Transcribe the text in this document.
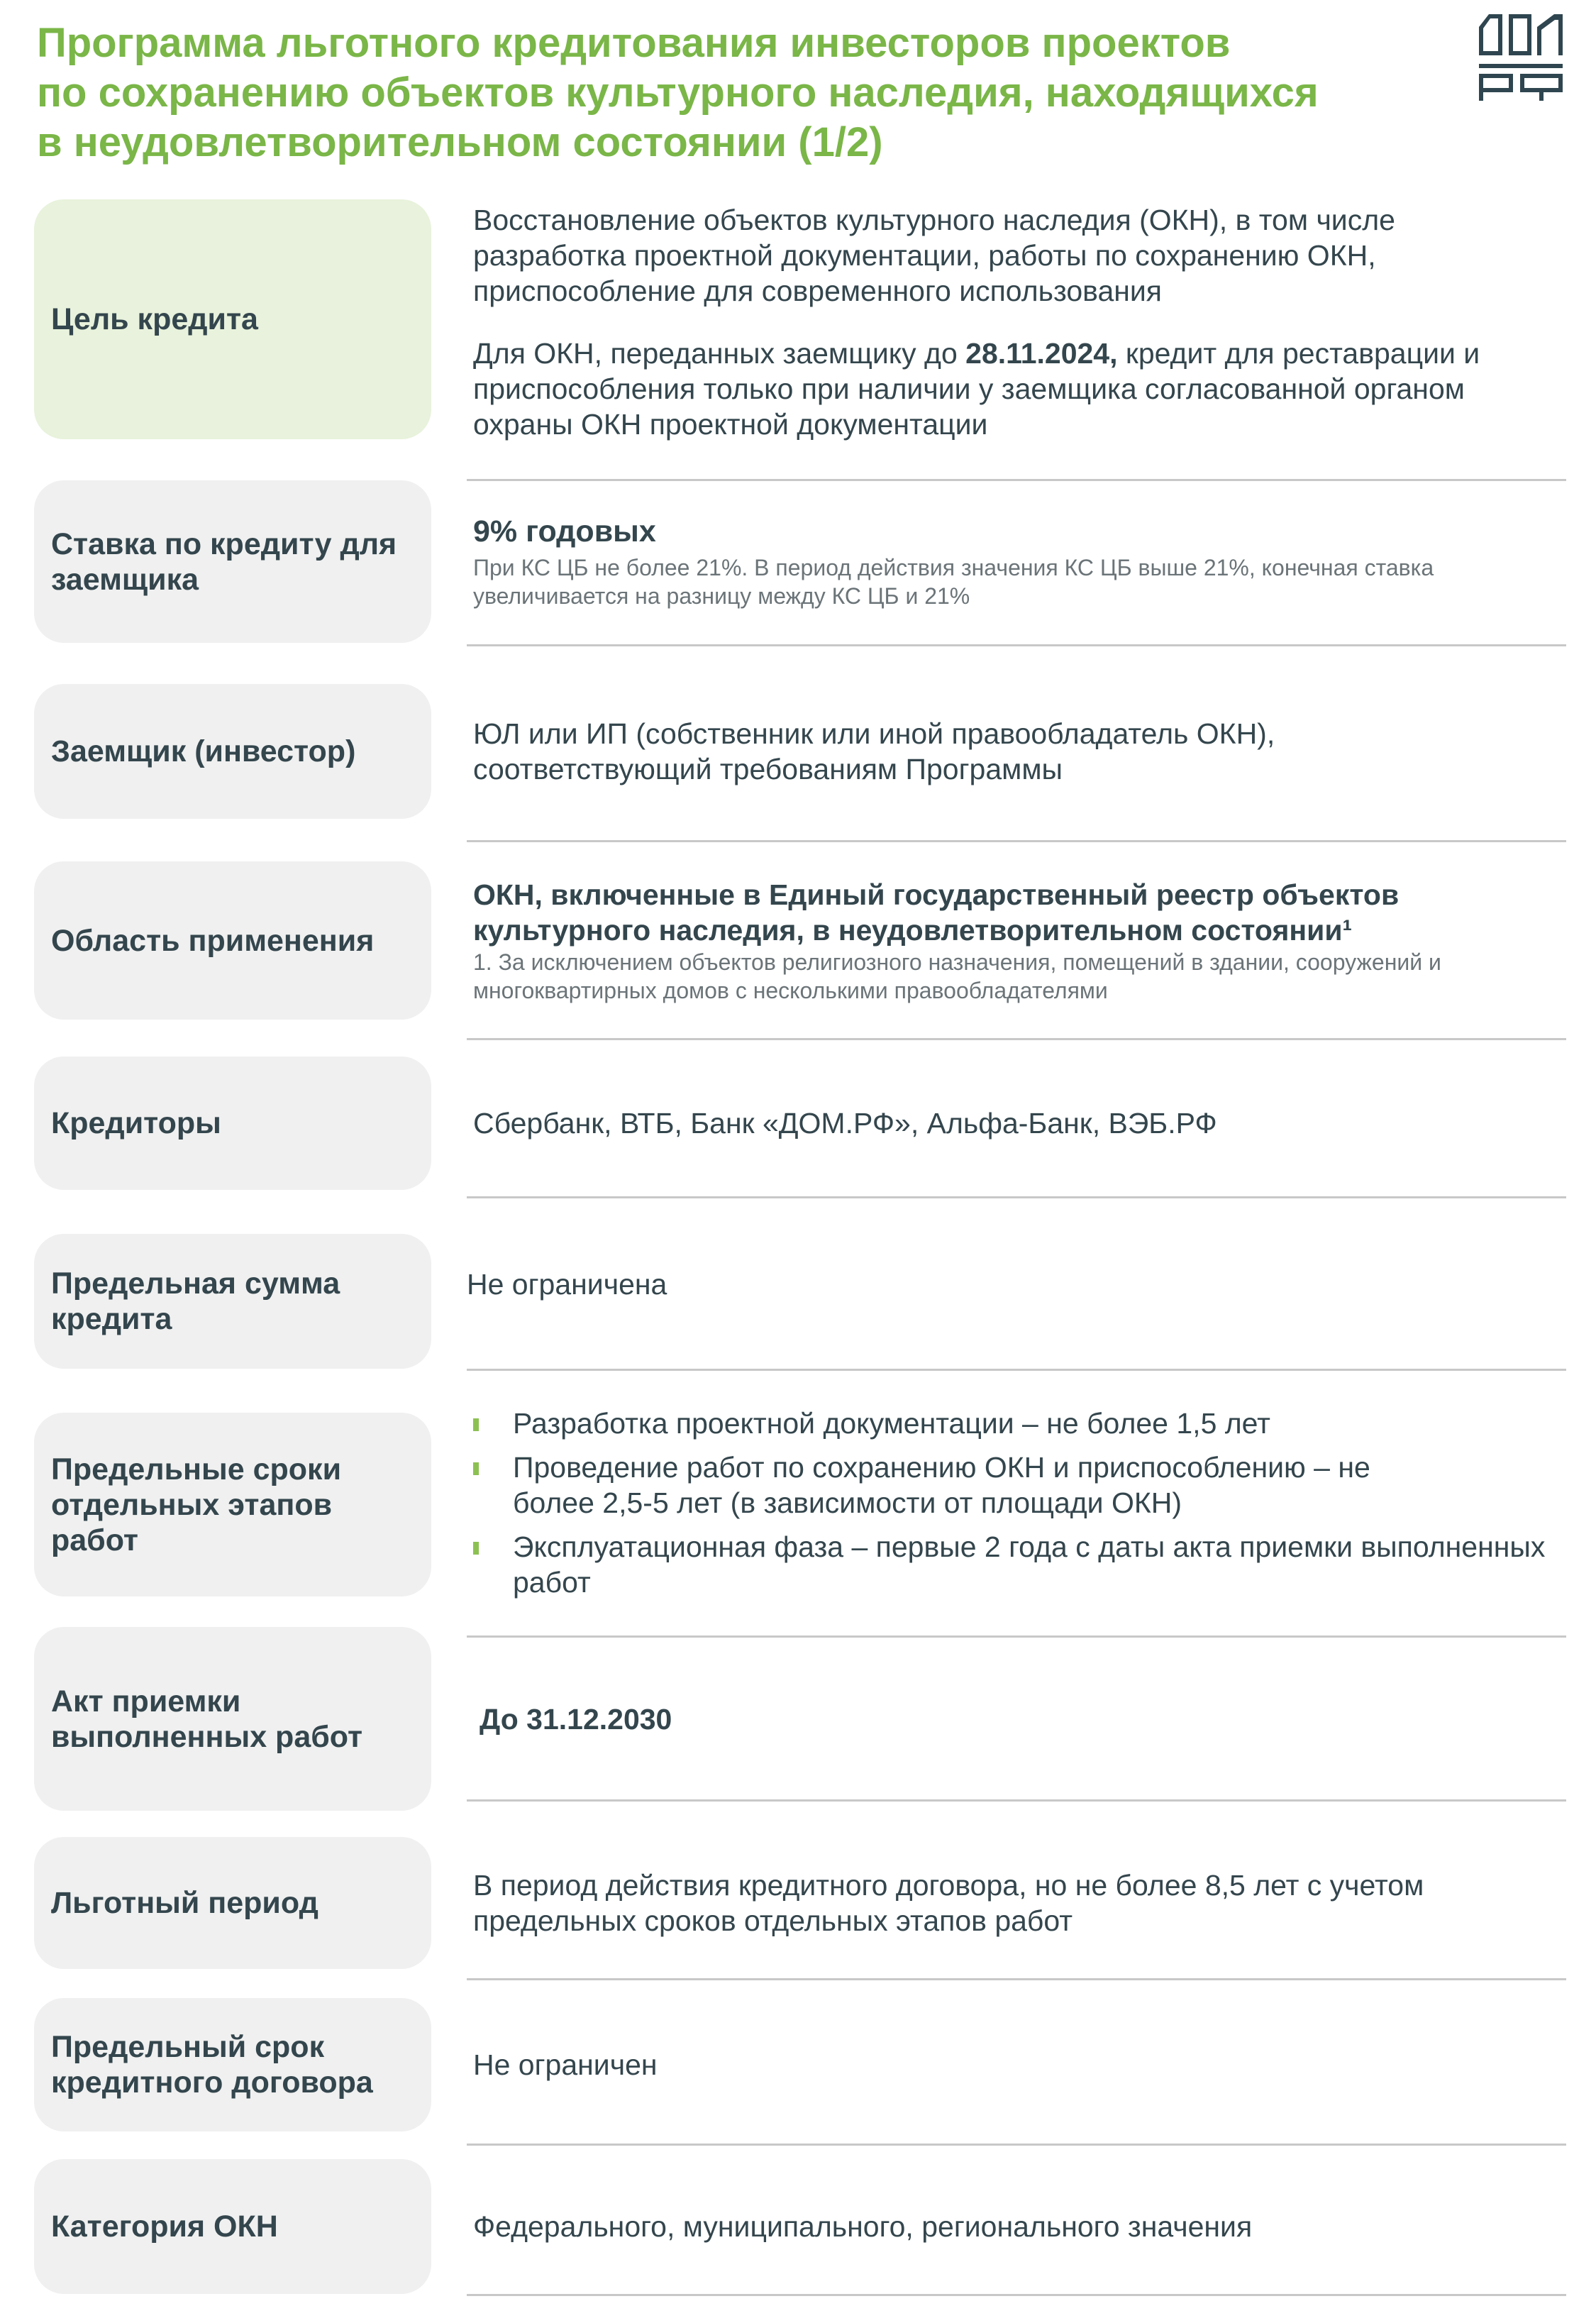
Программа льготного кредитования инвесторов проектов
по сохранению объектов культурного наследия, находящихся
в неудовлетворительном состоянии (1/2)
Цель кредита

Восстановление объектов культурного наследия (ОКН), в том числе разработка проектной документации, работы по сохранению ОКН, приспособление для современного использования

Для ОКН, переданных заемщику до 28.11.2024, кредит для реставрации и приспособления только при наличии у заемщика согласованной органом охраны ОКН проектной документации

Ставка по кредиту для заемщика

9% годовых

При КС ЦБ не более 21%. В период действия значения КС ЦБ выше 21%, конечная ставка увеличивается на разницу между КС ЦБ и 21%

Заемщик (инвестор)

ЮЛ или ИП (собственник или иной правообладатель ОКН), соответствующий требованиям Программы

Область применения

ОКН, включенные в Единый государственный реестр объектов культурного наследия, в неудовлетворительном состоянии¹

1. За исключением объектов религиозного назначения, помещений в здании, сооружений и многоквартирных домов с несколькими правообладателями

Кредиторы	Сбербанк, ВТБ, Банк «ДОМ.РФ», Альфа-Банк, ВЭБ.РФ

Предельная сумма кредита

Не ограничена

Предельные сроки отдельных этапов работ
Разработка проектной документации – не более 1,5 лет
Проведение работ по сохранению ОКН и приспособлению – не более 2,5-5 лет (в зависимости от площади ОКН)
Эксплуатационная фаза – первые 2 года с даты акта приемки выполненных работ
Акт приемки выполненных работ

До 31.12.2030

Льготный период

В период действия кредитного договора, но не более 8,5 лет с учетом предельных сроков отдельных этапов работ

Предельный срок кредитного договора

Не ограничен

Категория ОКН	Федерального, муниципального, регионального значения
